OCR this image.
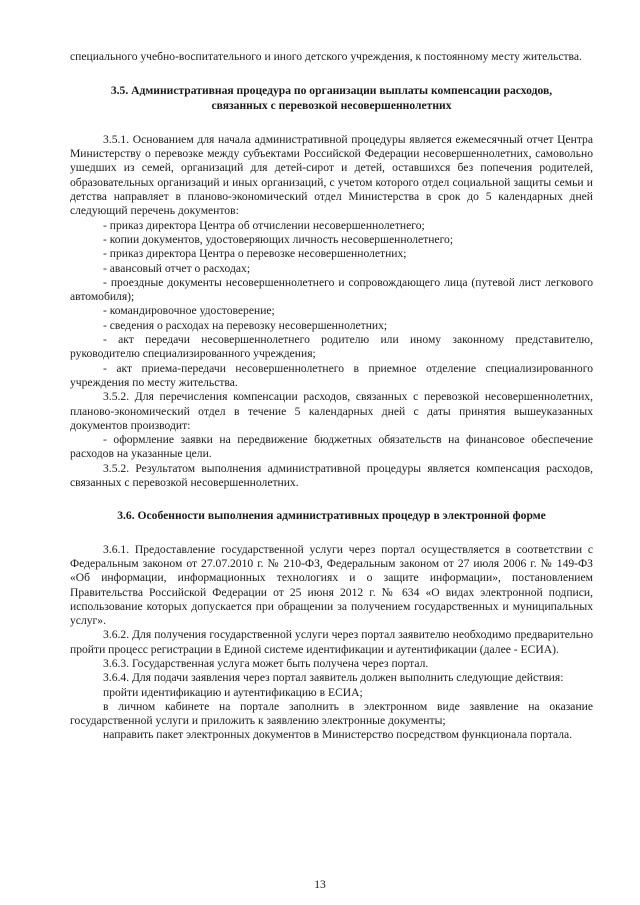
специального учебно-воспитательного и иного детского учреждения, к постоянному месту жительства.

3.5. Административная процедура по организации выплаты компенсации расходов, связанных с перевозкой несовершеннолетних

3.5.1. Основанием для начала административной процедуры является ежемесячный отчет Центра Министерству о перевозке между субъектами Российской Федерации несовершеннолетних, самовольно ушедших из семей, организаций для детей-сирот и детей, оставшихся без попечения родителей, образовательных организаций и иных организаций, с учетом которого отдел социальной защиты семьи и детства направляет в планово-экономический отдел Министерства в срок до 5 календарных дней следующий перечень документов:

- приказ директора Центра об отчислении несовершеннолетнего;

- копии документов, удостоверяющих личность несовершеннолетнего;

- приказ директора Центра о перевозке несовершеннолетних;

- авансовый отчет о расходах;

- проездные документы несовершеннолетнего и сопровождающего лица (путевой лист легкового автомобиля);

- командировочное удостоверение;

- сведения о расходах на перевозку несовершеннолетних;

- акт передачи несовершеннолетнего родителю или иному законному представителю, руководителю специализированного учреждения;

- акт приема-передачи несовершеннолетнего в приемное отделение специализированного учреждения по месту жительства.

3.5.2. Для перечисления компенсации расходов, связанных с перевозкой несовершеннолетних, планово-экономический отдел в течение 5 календарных дней с даты принятия вышеуказанных документов производит:

- оформление заявки на передвижение бюджетных обязательств на финансовое обеспечение расходов на указанные цели.

3.5.2. Результатом выполнения административной процедуры является компенсация расходов, связанных с перевозкой несовершеннолетних.

3.6. Особенности выполнения административных процедур в электронной форме

3.6.1. Предоставление государственной услуги через портал осуществляется в соответствии с Федеральным законом от 27.07.2010 г. № 210-ФЗ, Федеральным законом от 27 июля 2006 г. № 149-ФЗ «Об информации, информационных технологиях и о защите информации», постановлением Правительства Российской Федерации от 25 июня 2012 г. № 634 «О видах электронной подписи, использование которых допускается при обращении за получением государственных и муниципальных услуг».

3.6.2. Для получения государственной услуги через портал заявителю необходимо предварительно пройти процесс регистрации в Единой системе идентификации и аутентификации (далее - ЕСИА).

3.6.3. Государственная услуга может быть получена через портал.

3.6.4. Для подачи заявления через портал заявитель должен выполнить следующие действия:

пройти идентификацию и аутентификацию в ЕСИА;

в личном кабинете на портале заполнить в электронном виде заявление на оказание государственной услуги и приложить к заявлению электронные документы;

направить пакет электронных документов в Министерство посредством функционала портала.

13
